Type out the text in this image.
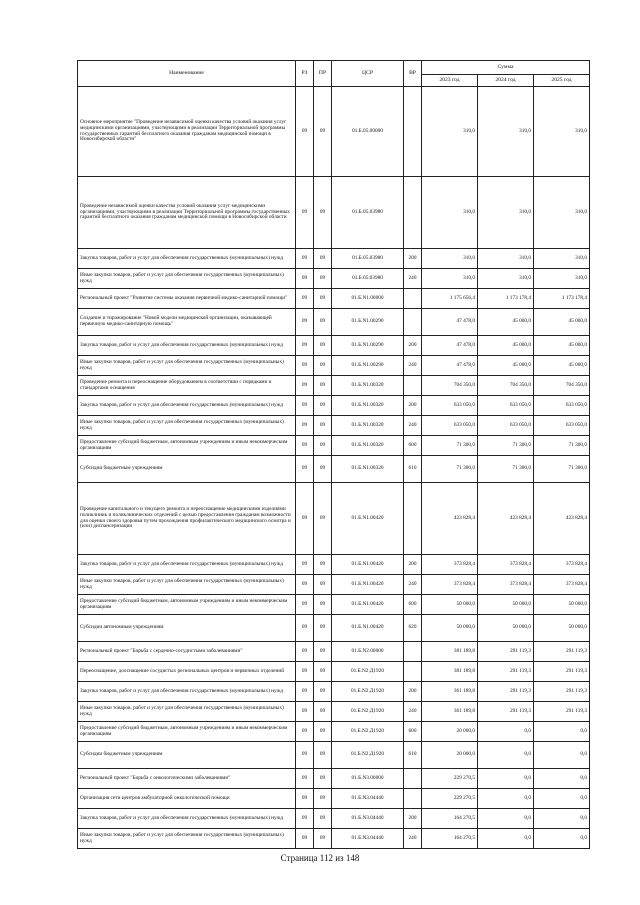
Наименование	РЗ	ПР	ЦСР	ВР	Сумма		
					2023 год	2024 год	2025 год
Основное мероприятие "Проведение независимой оценки качества условий оказания услуг медицинскими организациями, участвующими в реализации Территориальной программы государственных гарантий бесплатного оказания гражданам медицинской помощи в Новосибирской области"	09	09	01.Б.05.00000		310,0	310,0	310,0
Проведение независимой оценки качества условий оказания услуг медицинскими организациями, участвующими в реализации Территориальной программы государственных гарантий бесплатного оказания гражданам медицинской помощи в Новосибирской области	09	09	01.Б.05.03980		310,0	310,0	310,0
Закупка товаров, работ и услуг для обеспечения государственных (муниципальных) нужд	09	09	01.Б.05.03980	200	310,0	310,0	310,0
Иные закупки товаров, работ и услуг для обеспечения государственных (муниципальных) нужд	09	09	01.Б.05.03980	240	310,0	310,0	310,0
Региональный проект "Развитие системы оказания первичной медико-санитарной помощи"	09	09	01.Б.N1.00000		1 175 656,4	1 173 178,4	1 173 178,4
Создание и тиражирование "Новой модели медицинской организации, оказывающей первичную медико-санитарную помощь"	09	09	01.Б.N1.00290		47 478,0	45 000,0	45 000,0
Закупка товаров, работ и услуг для обеспечения государственных (муниципальных) нужд	09	09	01.Б.N1.00290	200	47 478,0	45 000,0	45 000,0
Иные закупки товаров, работ и услуг для обеспечения государственных (муниципальных) нужд	09	09	01.Б.N1.00290	240	47 478,0	45 000,0	45 000,0
Проведение ремонта и переоснащение оборудованием в соответствии с порядками и стандартами оснащения	09	09	01.Б.N1.00320		704 350,0	704 350,0	704 350,0
Закупка товаров, работ и услуг для обеспечения государственных (муниципальных) нужд	09	09	01.Б.N1.00320	200	633 050,0	633 050,0	633 050,0
Иные закупки товаров, работ и услуг для обеспечения государственных (муниципальных) нужд	09	09	01.Б.N1.00320	240	633 050,0	633 050,0	633 050,0
Предоставление субсидий бюджетным, автономным учреждениям и иным некоммерческим организациям	09	09	01.Б.N1.00320	600	71 300,0	71 300,0	71 300,0
Субсидии бюджетным учреждениям	09	09	01.Б.N1.00320	610	71 300,0	71 300,0	71 300,0
Проведение капитального и текущего ремонта и переоснащение медицинскими изделиями поликлиник и поликлинических отделений с целью предоставления гражданам возможности для оценки своего здоровья путем прохождения профилактического медицинского осмотра и (или) диспансеризации	09	09	01.Б.N1.00420		423 828,4	423 828,4	423 828,4
Закупка товаров, работ и услуг для обеспечения государственных (муниципальных) нужд	09	09	01.Б.N1.00420	200	373 828,4	373 828,4	373 828,4
Иные закупки товаров, работ и услуг для обеспечения государственных (муниципальных) нужд	09	09	01.Б.N1.00420	240	373 828,4	373 828,4	373 828,4
Предоставление субсидий бюджетным, автономным учреждениям и иным некоммерческим организациям	09	09	01.Б.N1.00420	600	50 000,0	50 000,0	50 000,0
Субсидии автономным учреждениям	09	09	01.Б.N1.00420	620	50 000,0	50 000,0	50 000,0
Региональный проект "Борьба с сердечно-сосудистыми заболеваниями"	09	09	01.Б.N2.00000		381 189,8	291 119,3	291 119,3
Переоснащение, дооснащение сосудистых региональных центров и первичных отделений	09	09	01.Б.N2.Д1920		381 189,8	291 119,3	291 119,3
Закупка товаров, работ и услуг для обеспечения государственных (муниципальных) нужд	09	09	01.Б.N2.Д1920	200	361 189,8	291 119,3	291 119,3
Иные закупки товаров, работ и услуг для обеспечения государственных (муниципальных) нужд	09	09	01.Б.N2.Д1920	240	361 189,8	291 119,3	291 119,3
Предоставление субсидий бюджетным, автономным учреждениям и иным некоммерческим организациям	09	09	01.Б.N2.Д1920	600	20 000,0	0,0	0,0
Субсидии бюджетным учреждениям	09	09	01.Б.N2.Д1920	610	20 000,0	0,0	0,0
Региональный проект "Борьба с онкологическими заболеваниями"	09	09	01.Б.N3.00000		229 270,5	0,0	0,0
Организация сети центров амбулаторной онкологической помощи	09	09	01.Б.N3.04440		229 270,5	0,0	0,0
Закупка товаров, работ и услуг для обеспечения государственных (муниципальных) нужд	09	09	01.Б.N3.04440	200	164 270,5	0,0	0,0
Иные закупки товаров, работ и услуг для обеспечения государственных (муниципальных) нужд	09	09	01.Б.N3.04440	240	164 270,5	0,0	0,0
Страница 112 из 148
